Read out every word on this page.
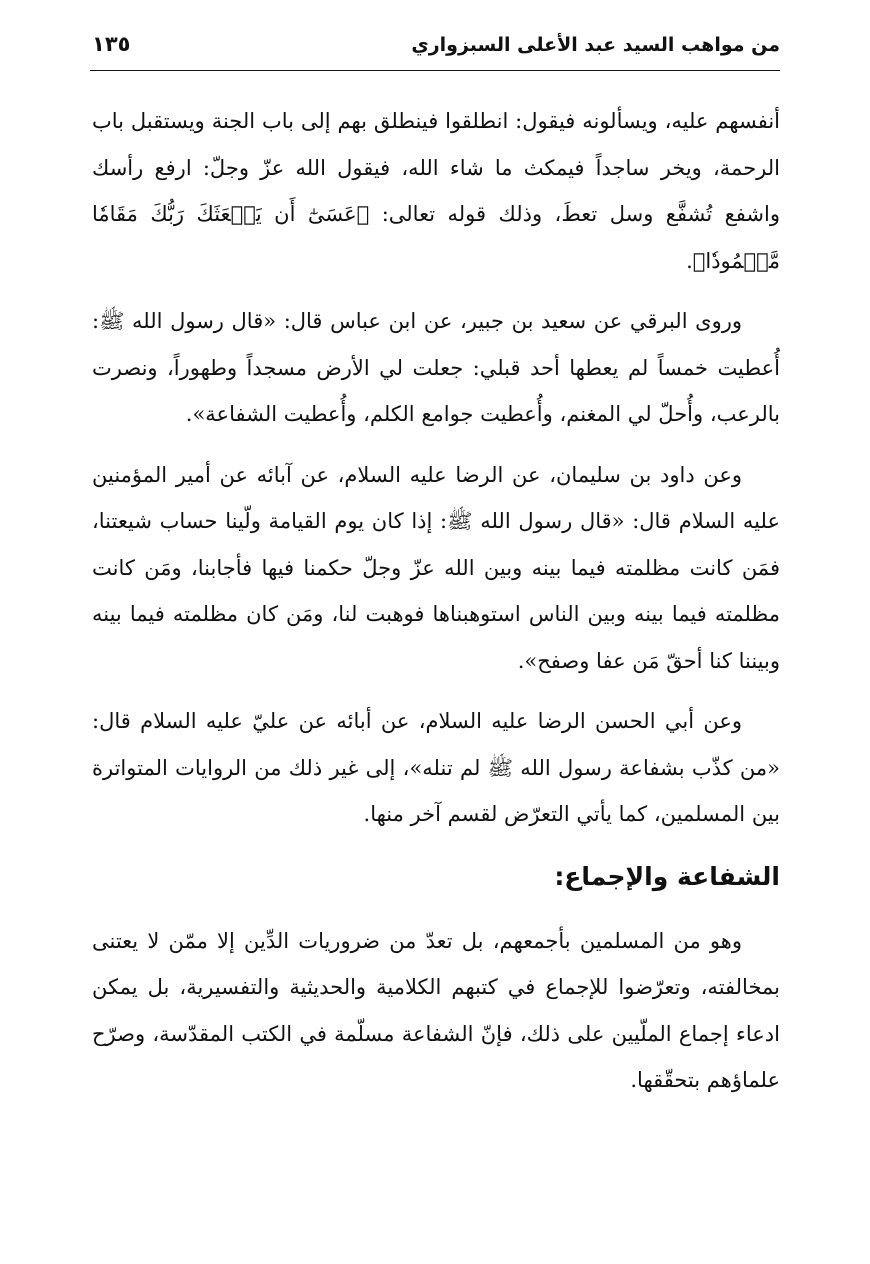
من مواهب السيد عبد الأعلى السبزواري
١٣٥

أنفسهم عليه، ويسألونه فيقول: انطلقوا فينطلق بهم إلى باب الجنة ويستقبل باب الرحمة، ويخر ساجداً فيمكث ما شاء الله، فيقول الله عزّ وجلّ: ارفع رأسك واشفع تُشفَّع وسل تعطَ، وذلك قوله تعالى: ﴿عَسَىٰٓ أَن يَبۡعَثَكَ رَبُّكَ مَقَامٗا مَّحۡمُودٗا﴾.

وروى البرقي عن سعيد بن جبير، عن ابن عباس قال: «قال رسول الله ﷺ: أُعطيت خمساً لم يعطها أحد قبلي: جعلت لي الأرض مسجداً وطهوراً، ونصرت بالرعب، وأُحلّ لي المغنم، وأُعطيت جوامع الكلم، وأُعطيت الشفاعة».

وعن داود بن سليمان، عن الرضا عليه السلام، عن آبائه عن أمير المؤمنين عليه السلام قال: «قال رسول الله ﷺ: إذا كان يوم القيامة ولّينا حساب شيعتنا، فمَن كانت مظلمته فيما بينه وبين الله عزّ وجلّ حكمنا فيها فأجابنا، ومَن كانت مظلمته فيما بينه وبين الناس استوهبناها فوهبت لنا، ومَن كان مظلمته فيما بينه وبيننا كنا أحقّ مَن عفا وصفح».

وعن أبي الحسن الرضا عليه السلام، عن أبائه عن عليّ عليه السلام قال: «من كذّب بشفاعة رسول الله ﷺ لم تنله»، إلى غير ذلك من الروايات المتواترة بين المسلمين، كما يأتي التعرّض لقسم آخر منها.

الشفاعة والإجماع:

وهو من المسلمين بأجمعهم، بل تعدّ من ضروريات الدِّين إلا ممّن لا يعتنى بمخالفته، وتعرّضوا للإجماع في كتبهم الكلامية والحديثية والتفسيرية، بل يمكن ادعاء إجماع الملّيين على ذلك، فإنّ الشفاعة مسلّمة في الكتب المقدّسة، وصرّح علماؤهم بتحقّقها.
